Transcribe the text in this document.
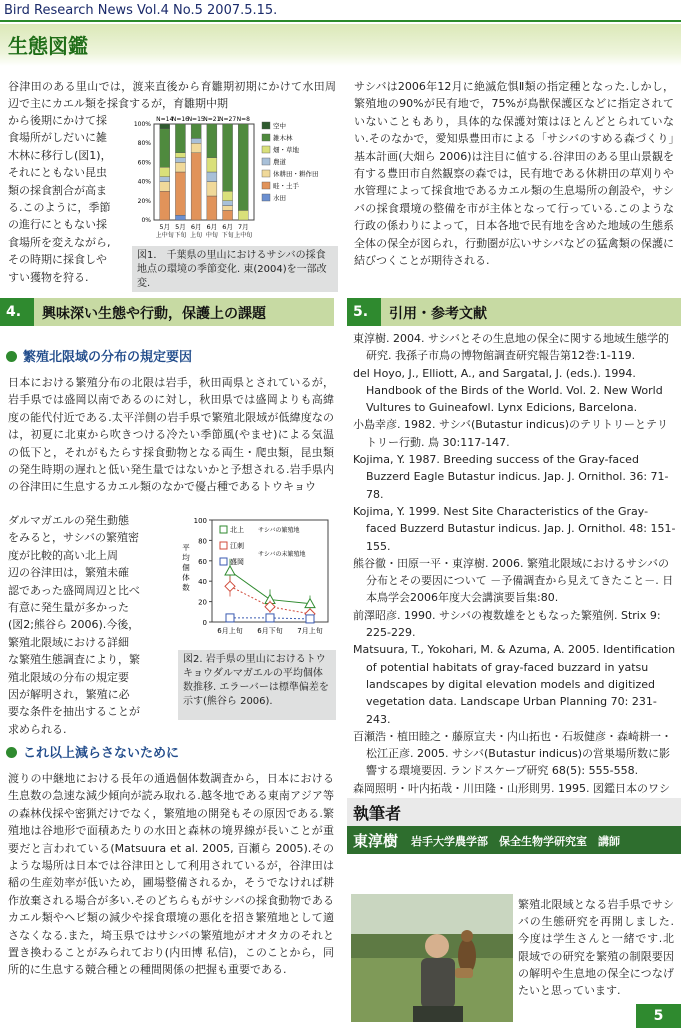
Bird Research News Vol.4 No.5 2007.5.15.
生態図鑑
谷津田のある里山では，渡来直後から育雛期初期にかけて水田周辺で主にカエル類を採食するが，育雛期中期
から後期にかけて採
食場所がしだいに雑
木林に移行し(図1)，
それにともない昆虫
類の採食割合が高ま
る.このように，季節
の進行にともない採
食場所を変えながら,
その時期に採食しや
すい獲物を狩る.
N=14
5月
上中旬
N=16
5月
下旬
N=15
6月
上旬
N=21
6月
中旬
N=27
6月
下旬
N=8
7月
上中旬
0%
20%
40%
60%
80%
100%	空中
雑木林
畑・草地
農道
休耕田・耕作田
畦・土手
水田
図1． 千葉県の里山におけるサシバの採食地点の環境の季節変化. 東(2004)を一部改変.
サシバは2006年12月に絶滅危惧Ⅱ類の指定種となった.しかし，繁殖地の90%が民有地で，75%が鳥獣保護区などに指定されていないこともあり，具体的な保護対策はほとんどとられていない.そのなかで，愛知県豊田市による「サシバのすめる森づくり」基本計画(大畑ら 2006)は注目に値する.谷津田のある里山景観を有する豊田市自然観察の森では，民有地である休耕田の草刈りや水管理によって採食地であるカエル類の生息場所の創設や，サシバの採食環境の整備を市が主体となって行っている.このような行政の係わりによって，日本各地で民有地を含めた地域の生態系全体の保全が図られ，行動圏が広いサシバなどの猛禽類の保護に結びつくことが期待される.
4.	興味深い生態や行動，保護上の課題	5.	引用・参考文献
繁殖北限域の分布の規定要因
日本における繁殖分布の北限は岩手，秋田両県とされているが，岩手県では盛岡以南であるのに対し，秋田県では盛岡よりも高緯度の能代付近である.太平洋側の岩手県で繁殖北限域が低緯度なのは，初夏に北東から吹きつける冷たい季節風(やませ)による気温の低下と，それがもたらす採食動物となる両生・爬虫類，昆虫類の発生時期の遅れと低い発生量ではないかと予想される.岩手県内の谷津田に生息するカエル類のなかで優占種であるトウキョウ
ダルマガエルの発生動態
をみると，サシバの繁殖密
度が比較的高い北上周
辺の谷津田は，繁殖未確
認であった盛岡周辺と比べ
有意に発生量が多かった
(図2;熊谷ら 2006).今後，
繁殖北限域における詳細
な繁殖生態調査により，繁
殖北限域の分布の規定要
因が解明され，繁殖に必
要な条件を抽出することが
求められる.
100
80
60
40
20
0
平
均
個
体
数
6月上旬 6月下旬 7月上旬
北上
江刺
盛岡
サシバの繁殖地
サシバの未繁殖地
図2. 岩手県の里山におけるトウキョウダルマガエルの平均個体数推移. エラーバーは標準偏差を示す(熊谷ら 2006).
これ以上減らさないために
渡りの中継地における長年の通過個体数調査から，日本における生息数の急速な減少傾向が読み取れる.越冬地である東南アジア等の森林伐採や密猟だけでなく，繁殖地の開発もその原因である.繁殖地は谷地形で面積あたりの水田と森林の境界線が長いことが重要だと言われている(Matsuura et al. 2005, 百瀬ら 2005).そのような場所は日本では谷津田として利用されているが，谷津田は稲の生産効率が低いため，圃場整備されるか，そうでなければ耕作放棄される場合が多い.そのどちらもがサシバの採食動物であるカエル類やヘビ類の減少や採食環境の悪化を招き繁殖地として適さなくなる.また，埼玉県ではサシバの繁殖地がオオタカのそれと置き換わることがみられており(内田博 私信)，このことから，同所的に生息する競合種との種間関係の把握も重要である.
東淳樹. 2004. サシバとその生息地の保全に関する地域生態学的研究. 我孫子市鳥の博物館調査研究報告第12巻:1-119.
del Hoyo, J., Elliott, A., and Sargatal, J. (eds.). 1994. Handbook of the Birds of the World. Vol. 2. New World Vultures to Guineafowl. Lynx Edicions, Barcelona.
小島幸彦. 1982. サシバ(Butastur indicus)のテリトリーとテリトリー行動. 鳥 30:117-147.
Kojima, Y. 1987. Breeding success of the Gray-faced Buzzerd Eagle Butastur indicus. Jap. J. Ornithol. 36: 71-78.
Kojima, Y. 1999. Nest Site Characteristics of the Gray-faced Buzzerd Butastur indicus. Jap. J. Ornithol. 48: 151-155.
熊谷徹・田原一平・東淳樹. 2006. 繁殖北限域におけるサシバの分布とその要因について －予備調査から見えてきたこと－. 日本鳥学会2006年度大会講演要旨集:80.
前澤昭彦. 1990. サシバの複数雄をともなった繁殖例. Strix 9: 225-229.
Matsuura, T., Yokohari, M. & Azuma, A. 2005. Identification of potential habitats of gray-faced buzzard in yatsu landscapes by digital elevation models and digitized vegetation data. Landscape Urban Planning 70: 231-243.
百瀬浩・植田睦之・藤原宣夫・内山拓也・石坂健彦・森崎耕一・松江正彦. 2005. サシバ(Butastur indicus)の営巣場所数に影響する環境要因. ランドスケープ研究 68(5): 555-558.
森岡照明・叶内拓哉・川田隆・山形則男. 1995. 図鑑日本のワシ
執筆者
東淳樹 岩手大学農学部　保全生物学研究室　講師
繁殖北限域となる岩手県でサシバの生態研究を再開しました.今度は学生さんと一緒です.北限域での研究を繁殖の制限要因の解明や生息地の保全につなげたいと思っています.
5
